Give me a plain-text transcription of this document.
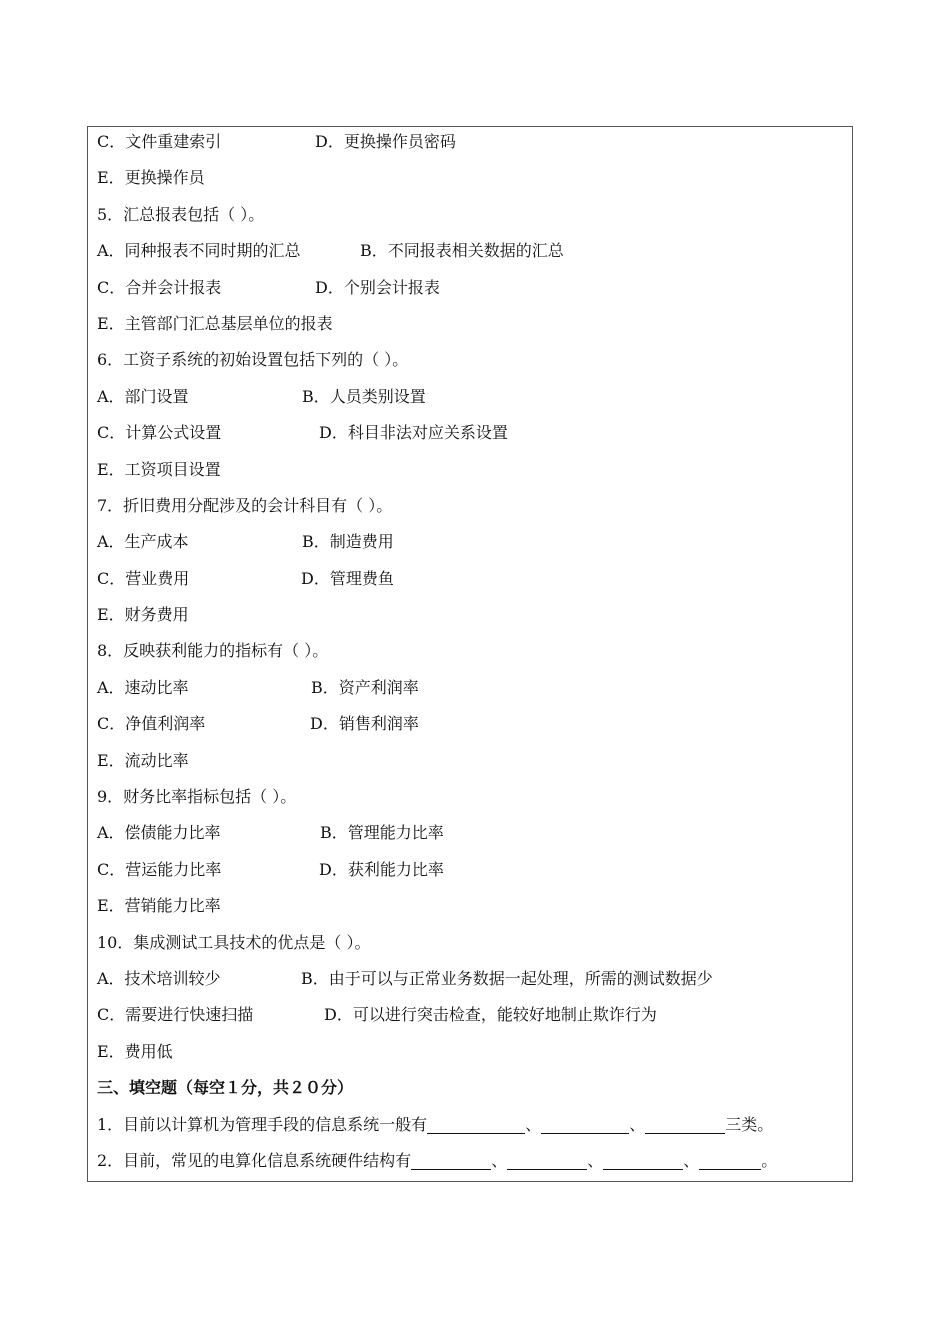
C．文件重建索引	D．更换操作员密码
E．更换操作员
5．汇总报表包括（ ）。
A．同种报表不同时期的汇总	B．不同报表相关数据的汇总
C．合并会计报表	D．个别会计报表
E．主管部门汇总基层单位的报表
6．工资子系统的初始设置包括下列的（ ）。
A．部门设置	B．人员类别设置
C．计算公式设置	D．科目非法对应关系设置
E．工资项目设置
7．折旧费用分配涉及的会计科目有（ ）。
A．生产成本	B．制造费用
C．营业费用	D．管理费鱼
E．财务费用
8．反映获利能力的指标有（ ）。
A．速动比率	B．资产利润率
C．净值利润率	D．销售利润率
E．流动比率
9．财务比率指标包括（ ）。
A．偿债能力比率	B．管理能力比率
C．营运能力比率	D．获利能力比率
E．营销能力比率
10．集成测试工具技术的优点是（ ）。
A．技术培训较少	B．由于可以与正常业务数据一起处理，所需的测试数据少
C．需要进行快速扫描	D．可以进行突击检查，能较好地制止欺诈行为
E．费用低
三、填空题（每空１分，共２０分）
1．目前以计算机为管理手段的信息系统一般有	、	、	三类。
2．目前，常见的电算化信息系统硬件结构有	、	、	、	。
